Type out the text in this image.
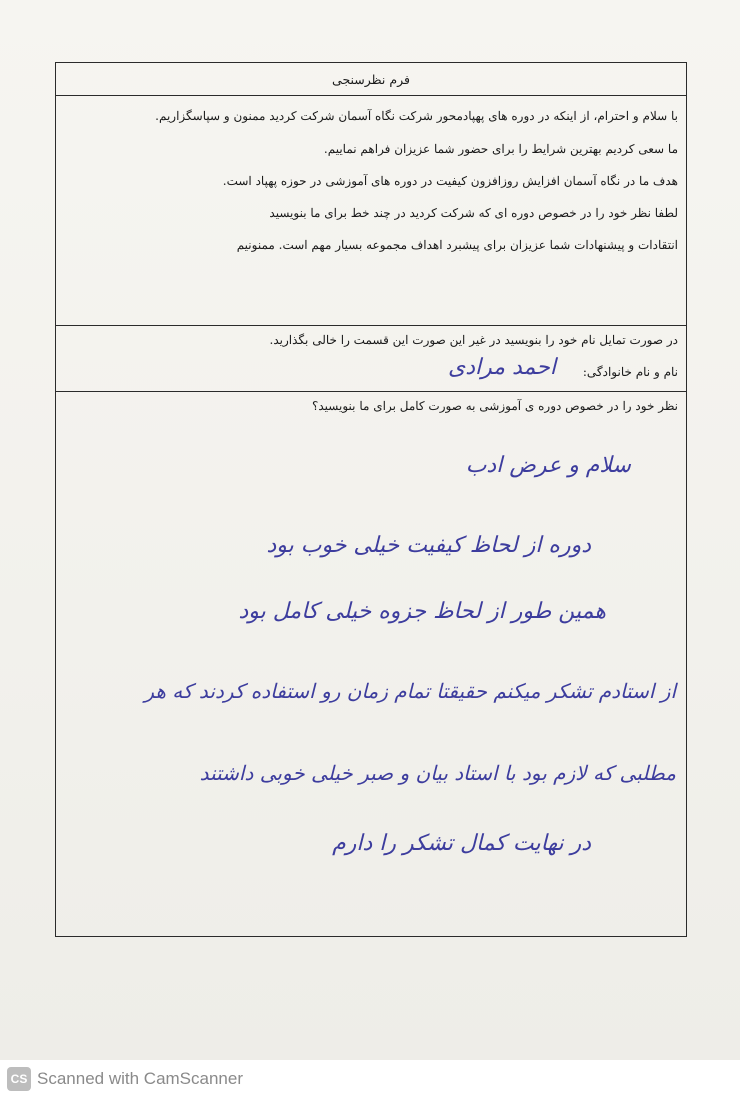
فرم نظرسنجی
با سلام و احترام، از اینکه در دوره های پهپادمحور شرکت نگاه آسمان شرکت کردید ممنون و سپاسگزاریم.
ما سعی کردیم بهترین شرایط را برای حضور شما عزیزان فراهم نماییم.
هدف ما در نگاه آسمان افزایش روزافزون کیفیت در دوره های آموزشی در حوزه پهپاد است.
لطفا نظر خود را در خصوص دوره ای که شرکت کردید در چند خط برای ما بنویسید
انتقادات و پیشنهادات شما عزیزان برای پیشبرد اهداف مجموعه بسیار مهم است. ممنونیم
در صورت تمایل نام خود را بنویسید در غیر این صورت این قسمت را خالی بگذارید.
نام و نام خانوادگی:
احمد مرادی
نظر خود را در خصوص دوره ی آموزشی به صورت کامل برای ما بنویسید؟
سلام و عرض ادب
دوره از لحاظ کیفیت خیلی خوب بود
همین طور از لحاظ جزوه خیلی کامل بود
از استادم تشکر میکنم حقیقتا تمام زمان رو استفاده کردند که هر
مطلبی که لازم بود با استاد بیان و صبر خیلی خوبی داشتند
در نهایت کمال تشکر را دارم
CS Scanned with CamScanner
